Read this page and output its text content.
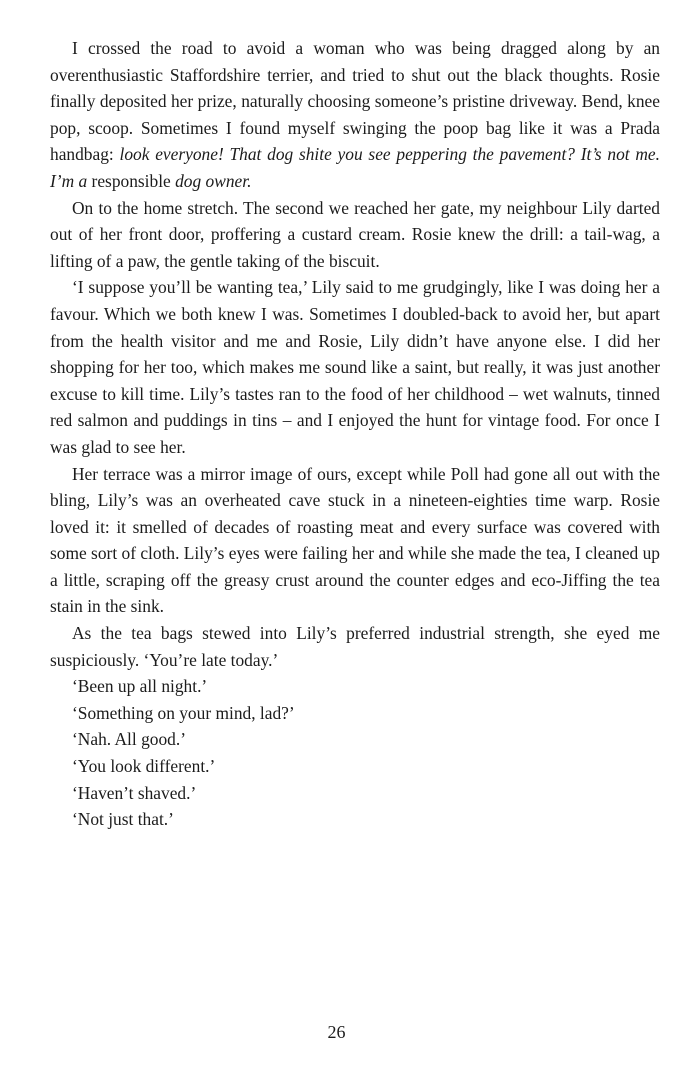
I crossed the road to avoid a woman who was being dragged along by an overenthusiastic Staffordshire terrier, and tried to shut out the black thoughts. Rosie finally deposited her prize, naturally choosing someone’s pristine driveway. Bend, knee pop, scoop. Sometimes I found myself swinging the poop bag like it was a Prada handbag: look everyone! That dog shite you see peppering the pavement? It’s not me. I’m a responsible dog owner.

On to the home stretch. The second we reached her gate, my neighbour Lily darted out of her front door, proffering a custard cream. Rosie knew the drill: a tail-wag, a lifting of a paw, the gentle taking of the biscuit.

‘I suppose you’ll be wanting tea,’ Lily said to me grudgingly, like I was doing her a favour. Which we both knew I was. Sometimes I doubled-back to avoid her, but apart from the health visitor and me and Rosie, Lily didn’t have anyone else. I did her shopping for her too, which makes me sound like a saint, but really, it was just another excuse to kill time. Lily’s tastes ran to the food of her childhood – wet walnuts, tinned red salmon and puddings in tins – and I enjoyed the hunt for vintage food. For once I was glad to see her.

Her terrace was a mirror image of ours, except while Poll had gone all out with the bling, Lily’s was an overheated cave stuck in a nineteen-eighties time warp. Rosie loved it: it smelled of decades of roasting meat and every surface was covered with some sort of cloth. Lily’s eyes were failing her and while she made the tea, I cleaned up a little, scraping off the greasy crust around the counter edges and eco-Jiffing the tea stain in the sink.

As the tea bags stewed into Lily’s preferred industrial strength, she eyed me suspiciously. ‘You’re late today.’

‘Been up all night.’

‘Something on your mind, lad?’

‘Nah. All good.’

‘You look different.’

‘Haven’t shaved.’

‘Not just that.’

26
